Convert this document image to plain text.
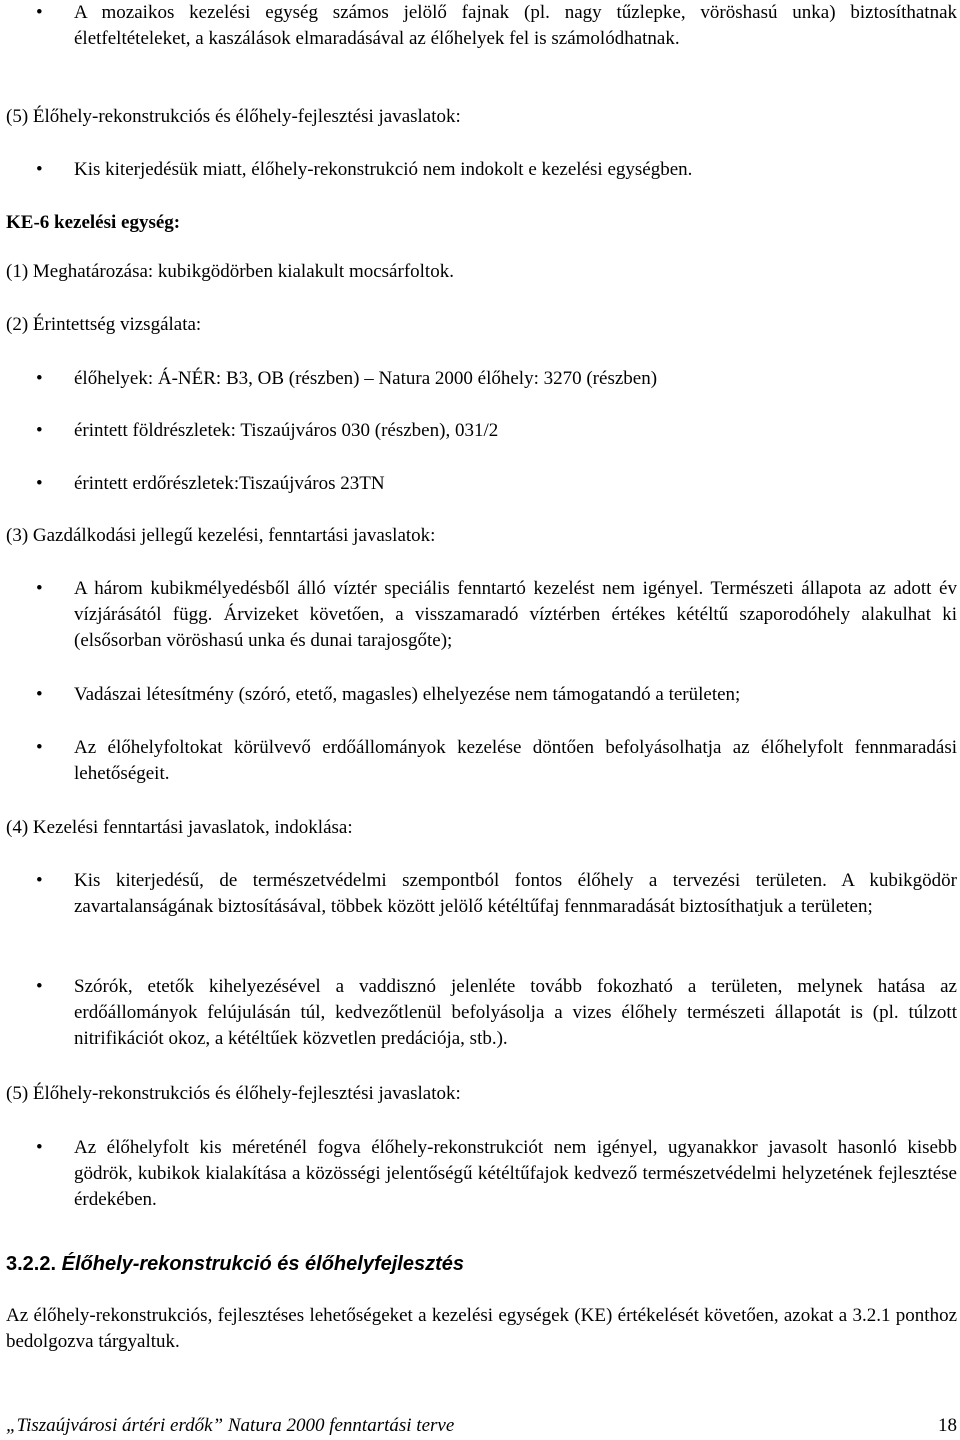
• A mozaikos kezelési egység számos jelölő fajnak (pl. nagy tűzlepke, vöröshasú unka) biztosíthatnak életfeltételeket, a kaszálások elmaradásával az élőhelyek fel is számolódhatnak.

(5) Élőhely-rekonstrukciós és élőhely-fejlesztési javaslatok:

• Kis kiterjedésük miatt, élőhely-rekonstrukció nem indokolt e kezelési egységben.

KE-6 kezelési egység:

(1) Meghatározása: kubikgödörben kialakult mocsárfoltok.

(2) Érintettség vizsgálata:

• élőhelyek: Á-NÉR: B3, OB (részben) – Natura 2000 élőhely: 3270 (részben)
• érintett földrészletek: Tiszaújváros 030 (részben), 031/2
• érintett erdőrészletek:Tiszaújváros 23TN

(3) Gazdálkodási jellegű kezelési, fenntartási javaslatok:

• A három kubikmélyedésből álló víztér speciális fenntartó kezelést nem igényel. Természeti állapota az adott év vízjárásától függ. Árvizeket követően, a visszamaradó víztérben értékes kétéltű szaporodóhely alakulhat ki (elsősorban vöröshasú unka és dunai tarajosgőte);
• Vadászai létesítmény (szóró, etető, magasles) elhelyezése nem támogatandó a területen;
• Az élőhelyfoltokat körülvevő erdőállományok kezelése döntően befolyásolhatja az élőhelyfolt fennmaradási lehetőségeit.

(4) Kezelési fenntartási javaslatok, indoklása:

• Kis kiterjedésű, de természetvédelmi szempontból fontos élőhely a tervezési területen. A kubikgödör zavartalanságának biztosításával, többek között jelölő kétéltűfaj fennmaradását biztosíthatjuk a területen;
• Szórók, etetők kihelyezésével a vaddisznó jelenléte tovább fokozható a területen, melynek hatása az erdőállományok felújulásán túl, kedvezőtlenül befolyásolja a vizes élőhely természeti állapotát is (pl. túlzott nitrifikációt okoz, a kétéltűek közvetlen predációja, stb.).

(5) Élőhely-rekonstrukciós és élőhely-fejlesztési javaslatok:

• Az élőhelyfolt kis méreténél fogva élőhely-rekonstrukciót nem igényel, ugyanakkor javasolt hasonló kisebb gödrök, kubikok kialakítása a közösségi jelentőségű kétéltűfajok kedvező természetvédelmi helyzetének fejlesztése érdekében.
3.2.2. Élőhely-rekonstrukció és élőhelyfejlesztés

Az élőhely-rekonstrukciós, fejlesztéses lehetőségeket a kezelési egységek (KE) értékelését követően, azokat a 3.2.1 ponthoz bedolgozva tárgyaltuk.

„Tiszaújvárosi ártéri erdők” Natura 2000 fenntartási terve	18
